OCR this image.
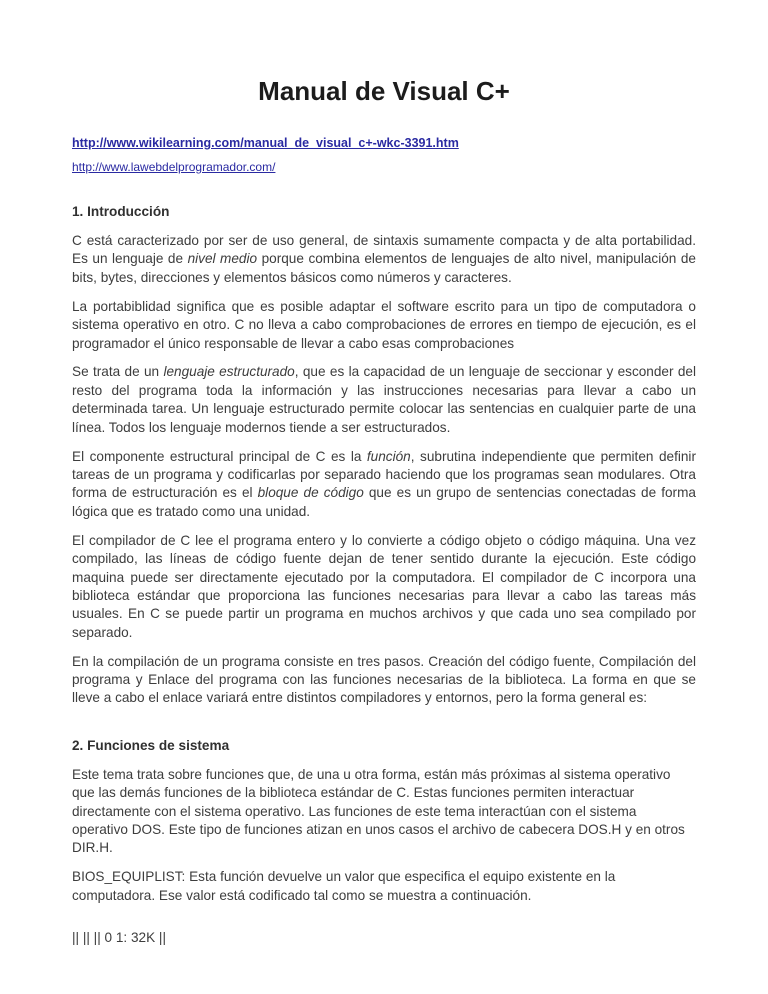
Manual de Visual C+
http://www.wikilearning.com/manual_de_visual_c+-wkc-3391.htm
http://www.lawebdelprogramador.com/
1. Introducción

C está caracterizado por ser de uso general, de sintaxis sumamente compacta y de alta portabilidad. Es un lenguaje de nivel medio porque combina elementos de lenguajes de alto nivel, manipulación de bits, bytes, direcciones y elementos básicos como números y caracteres.

La portabiblidad significa que es posible adaptar el software escrito para un tipo de computadora o sistema operativo en otro. C no lleva a cabo comprobaciones de errores en tiempo de ejecución, es el programador el único responsable de llevar a cabo esas comprobaciones

Se trata de un lenguaje estructurado, que es la capacidad de un lenguaje de seccionar y esconder del resto del programa toda la información y las instrucciones necesarias para llevar a cabo un determinada tarea. Un lenguaje estructurado permite colocar las sentencias en cualquier parte de una línea. Todos los lenguaje modernos tiende a ser estructurados.

El componente estructural principal de C es la función, subrutina independiente que permiten definir tareas de un programa y codificarlas por separado haciendo que los programas sean modulares. Otra forma de estructuración es el bloque de código que es un grupo de sentencias conectadas de forma lógica que es tratado como una unidad.

El compilador de C lee el programa entero y lo convierte a código objeto o código máquina. Una vez compilado, las líneas de código fuente dejan de tener sentido durante la ejecución. Este código maquina puede ser directamente ejecutado por la computadora. El compilador de C incorpora una biblioteca estándar que proporciona las funciones necesarias para llevar a cabo las tareas más usuales. En C se puede partir un programa en muchos archivos y que cada uno sea compilado por separado.

En la compilación de un programa consiste en tres pasos. Creación del código fuente, Compilación del programa y Enlace del programa con las funciones necesarias de la biblioteca. La forma en que se lleve a cabo el enlace variará entre distintos compiladores y entornos, pero la forma general es:

2. Funciones de sistema

Este tema trata sobre funciones que, de una u otra forma, están más próximas al sistema operativo que las demás funciones de la biblioteca estándar de C. Estas funciones permiten interactuar directamente con el sistema operativo. Las funciones de este tema interactúan con el sistema operativo DOS. Este tipo de funciones atizan en unos casos el archivo de cabecera DOS.H y en otros DIR.H.

BIOS_EQUIPLIST: Esta función devuelve un valor que especifica el equipo existente en la computadora. Ese valor está codificado tal como se muestra a continuación.

|| || || 0 1: 32K ||
